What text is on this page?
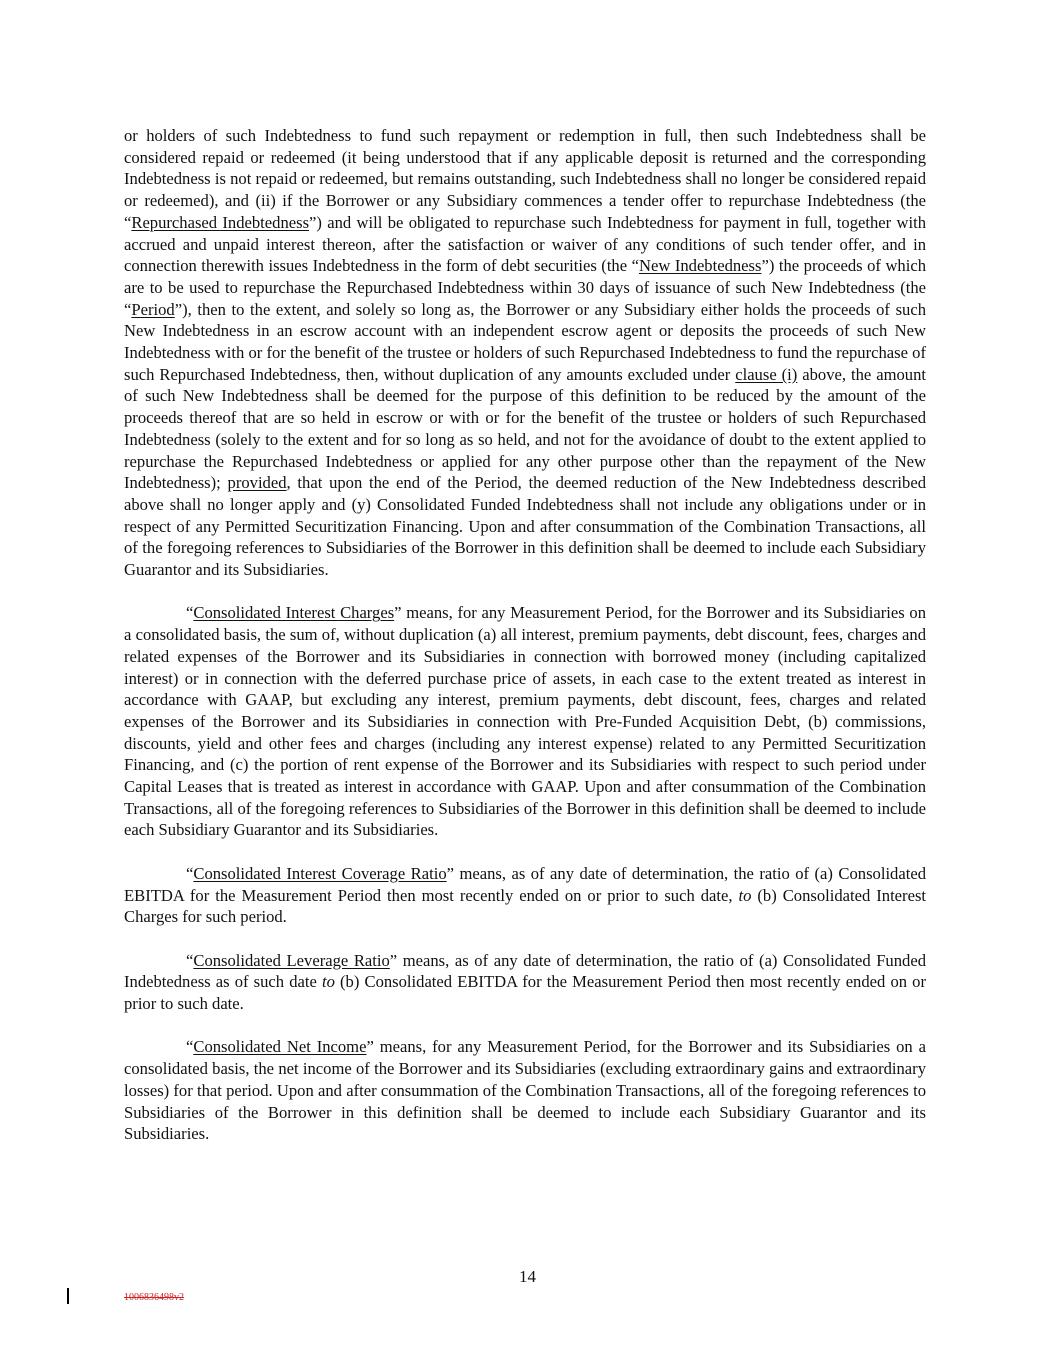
or holders of such Indebtedness to fund such repayment or redemption in full, then such Indebtedness shall be considered repaid or redeemed (it being understood that if any applicable deposit is returned and the corresponding Indebtedness is not repaid or redeemed, but remains outstanding, such Indebtedness shall no longer be considered repaid or redeemed), and (ii) if the Borrower or any Subsidiary commences a tender offer to repurchase Indebtedness (the “Repurchased Indebtedness”) and will be obligated to repurchase such Indebtedness for payment in full, together with accrued and unpaid interest thereon, after the satisfaction or waiver of any conditions of such tender offer, and in connection therewith issues Indebtedness in the form of debt securities (the “New Indebtedness”) the proceeds of which are to be used to repurchase the Repurchased Indebtedness within 30 days of issuance of such New Indebtedness (the “Period”), then to the extent, and solely so long as, the Borrower or any Subsidiary either holds the proceeds of such New Indebtedness in an escrow account with an independent escrow agent or deposits the proceeds of such New Indebtedness with or for the benefit of the trustee or holders of such Repurchased Indebtedness to fund the repurchase of such Repurchased Indebtedness, then, without duplication of any amounts excluded under clause (i) above, the amount of such New Indebtedness shall be deemed for the purpose of this definition to be reduced by the amount of the proceeds thereof that are so held in escrow or with or for the benefit of the trustee or holders of such Repurchased Indebtedness (solely to the extent and for so long as so held, and not for the avoidance of doubt to the extent applied to repurchase the Repurchased Indebtedness or applied for any other purpose other than the repayment of the New Indebtedness); provided, that upon the end of the Period, the deemed reduction of the New Indebtedness described above shall no longer apply and (y) Consolidated Funded Indebtedness shall not include any obligations under or in respect of any Permitted Securitization Financing. Upon and after consummation of the Combination Transactions, all of the foregoing references to Subsidiaries of the Borrower in this definition shall be deemed to include each Subsidiary Guarantor and its Subsidiaries.

“Consolidated Interest Charges” means, for any Measurement Period, for the Borrower and its Subsidiaries on a consolidated basis, the sum of, without duplication (a) all interest, premium payments, debt discount, fees, charges and related expenses of the Borrower and its Subsidiaries in connection with borrowed money (including capitalized interest) or in connection with the deferred purchase price of assets, in each case to the extent treated as interest in accordance with GAAP, but excluding any interest, premium payments, debt discount, fees, charges and related expenses of the Borrower and its Subsidiaries in connection with Pre-Funded Acquisition Debt, (b) commissions, discounts, yield and other fees and charges (including any interest expense) related to any Permitted Securitization Financing, and (c) the portion of rent expense of the Borrower and its Subsidiaries with respect to such period under Capital Leases that is treated as interest in accordance with GAAP. Upon and after consummation of the Combination Transactions, all of the foregoing references to Subsidiaries of the Borrower in this definition shall be deemed to include each Subsidiary Guarantor and its Subsidiaries.

“Consolidated Interest Coverage Ratio” means, as of any date of determination, the ratio of (a) Consolidated EBITDA for the Measurement Period then most recently ended on or prior to such date, to (b) Consolidated Interest Charges for such period.

“Consolidated Leverage Ratio” means, as of any date of determination, the ratio of (a) Consolidated Funded Indebtedness as of such date to (b) Consolidated EBITDA for the Measurement Period then most recently ended on or prior to such date.

“Consolidated Net Income” means, for any Measurement Period, for the Borrower and its Subsidiaries on a consolidated basis, the net income of the Borrower and its Subsidiaries (excluding extraordinary gains and extraordinary losses) for that period. Upon and after consummation of the Combination Transactions, all of the foregoing references to Subsidiaries of the Borrower in this definition shall be deemed to include each Subsidiary Guarantor and its Subsidiaries.

14
1006836498v2
